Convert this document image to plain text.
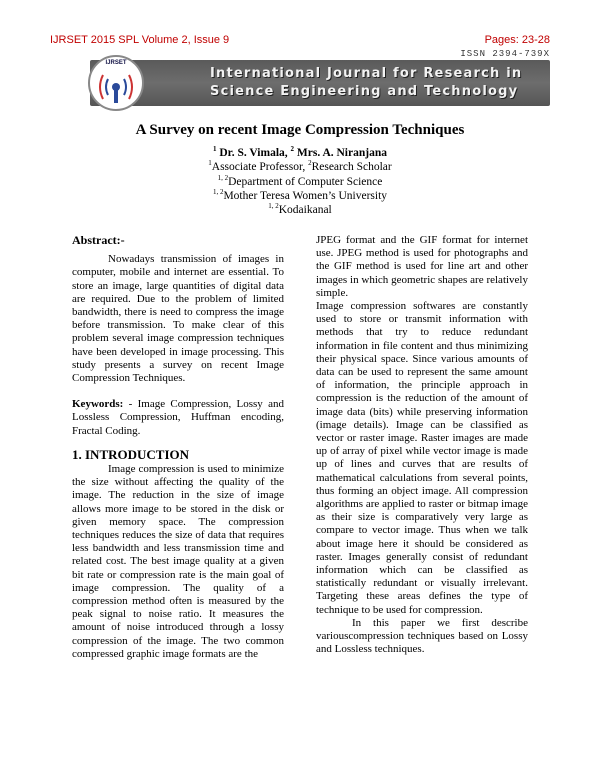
IJRSET 2015 SPL Volume 2, Issue 9	Pages: 23-28
ISSN 2394-739X
International Journal for Research in
Science Engineering and Technology
IJRSET
A Survey on recent Image Compression Techniques
$^1$ Dr. S. Vimala, $^2$ Mrs. A. Niranjana
$^1$Associate Professor, $^2$Research Scholar
$^{1, 2}$Department of Computer Science
$^{1, 2}$Mother Teresa Women’s University
$^{1, 2}$Kodaikanal
Abstract:-

Nowadays transmission of images in computer, mobile and internet are essential. To store an image, large quantities of digital data are required. Due to the problem of limited bandwidth, there is need to compress the image before transmission. To make clear of this problem several image compression techniques have been developed in image processing. This study presents a survey on recent Image Compression Techniques.

Keywords: - Image Compression, Lossy and Lossless Compression, Huffman encoding, Fractal Coding.

1. INTRODUCTION

Image compression is used to minimize the size without affecting the quality of the image. The reduction in the size of image allows more image to be stored in the disk or given memory space. The compression techniques reduces the size of data that requires less bandwidth and less transmission time and related cost. The best image quality at a given bit rate or compression rate is the main goal of image compression. The quality of a compression method often is measured by the peak signal to noise ratio. It measures the amount of noise introduced through a lossy compression of the image. The two common compressed graphic image formats are the

JPEG format and the GIF format for internet use. JPEG method is used for photographs and the GIF method is used for line art and other images in which geometric shapes are relatively simple.

Image compression softwares are constantly used to store or transmit information with methods that try to reduce redundant information in file content and thus minimizing their physical space. Since various amounts of data can be used to represent the same amount of information, the principle approach in compression is the reduction of the amount of image data (bits) while preserving information (image details). Image can be classified as vector or raster image. Raster images are made up of array of pixel while vector image is made up of lines and curves that are results of mathematical calculations from several points, thus forming an object image. All compression algorithms are applied to raster or bitmap image as their size is comparatively very large as compare to vector image. Thus when we talk about image here it should be considered as raster. Images generally consist of redundant information which can be classified as statistically redundant or visually irrelevant. Targeting these areas defines the type of technique to be used for compression.

In this paper we first describe variouscompression techniques based on Lossy and Lossless techniques.
